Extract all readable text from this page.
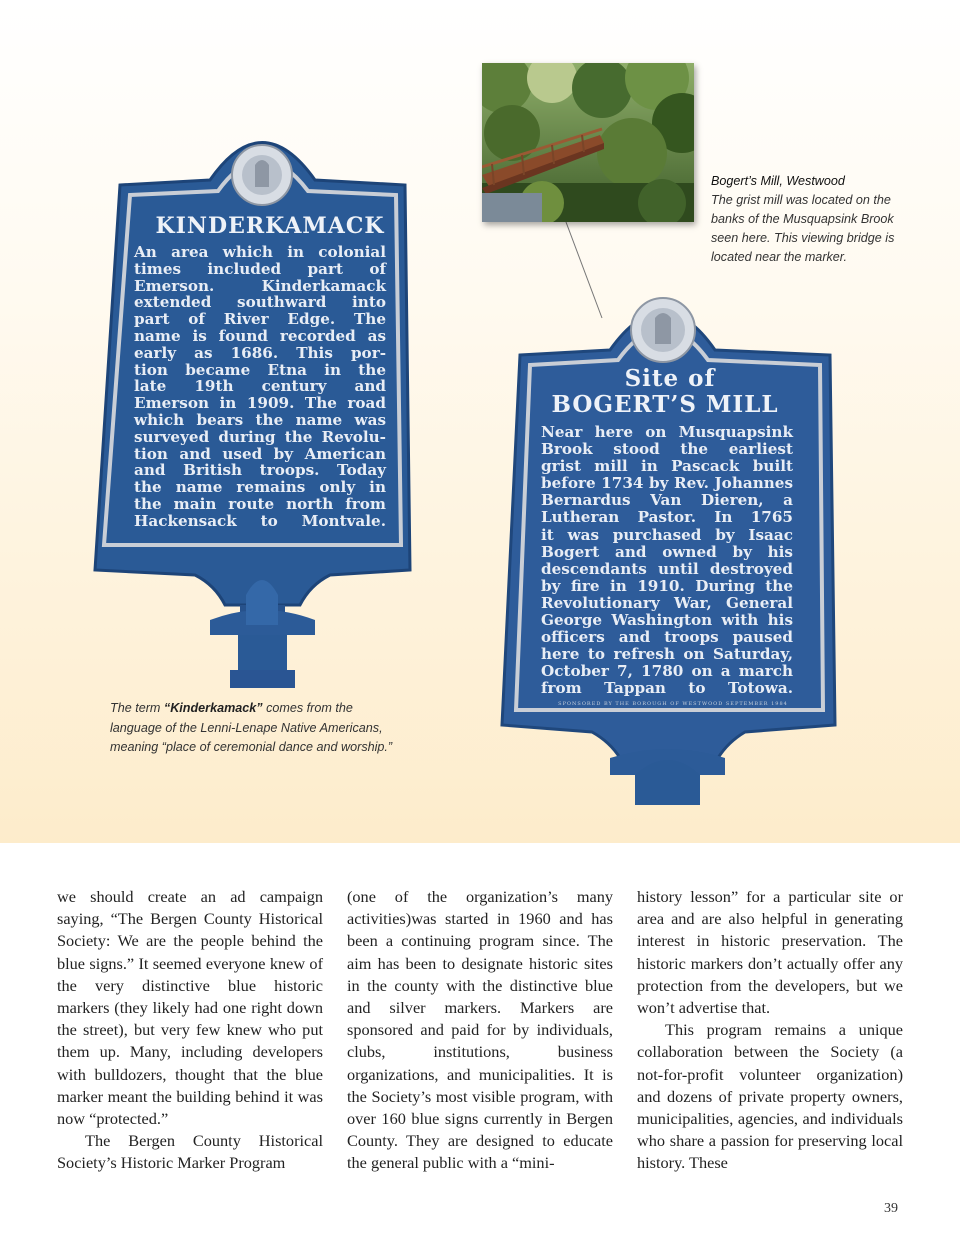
Bogert’s Mill, Westwood
The grist mill was located on the
banks of the Musquapsink Brook
seen here. This viewing bridge is
located near the marker.
KINDERKAMACK
An area which in colonial
times included part of
Emerson. Kinderkamack
extended southward into
part of River Edge. The
name is found recorded as
early as 1686. This por-
tion became Etna in the
late 19th century and
Emerson in 1909. The road
which bears the name was
surveyed during the Revolu-
tion and used by American
and British troops. Today
the name remains only in
the main route north from
Hackensack to Montvale.
Site of
BOGERT’S MILL
Near here on Musquapsink
Brook stood the earliest
grist mill in Pascack built
before 1734 by Rev. Johannes
Bernardus Van Dieren, a
Lutheran Pastor. In 1765
it was purchased by Isaac
Bogert and owned by his
descendants until destroyed
by fire in 1910. During the
Revolutionary War, General
George Washington with his
officers and troops paused
here to refresh on Saturday,
October 7, 1780 on a march
from Tappan to Totowa.
SPONSORED BY THE BOROUGH OF WESTWOOD SEPTEMBER 1984
The term “Kinderkamack” comes from the
language of the Lenni-Lenape Native Americans,
meaning “place of ceremonial dance and worship.”

we should create an ad campaign saying, “The Bergen County Historical Society: We are the people behind the blue signs.” It seemed everyone knew of the very distinctive blue historic markers (they likely had one right down the street), but very few knew who put them up. Many, including developers with bulldozers, thought that the blue marker meant the building behind it was now “protected.”

The Bergen County Historical Society’s Historic Marker Program

(one of the organization’s many activities)was started in 1960 and has been a continuing program since. The aim has been to designate historic sites in the county with the distinctive blue and silver markers. Markers are sponsored and paid for by individuals, clubs, institutions, business organizations, and municipalities. It is the Society’s most visible program, with over 160 blue signs currently in Bergen County. They are designed to educate the general public with a “mini-

history lesson” for a particular site or area and are also helpful in generating interest in historic preservation. The historic markers don’t actually offer any protection from the developers, but we won’t advertise that.

This program remains a unique collaboration between the Society (a not-for-profit volunteer organization) and dozens of private property owners, municipalities, agencies, and individuals who share a passion for preserving local history. These

39
